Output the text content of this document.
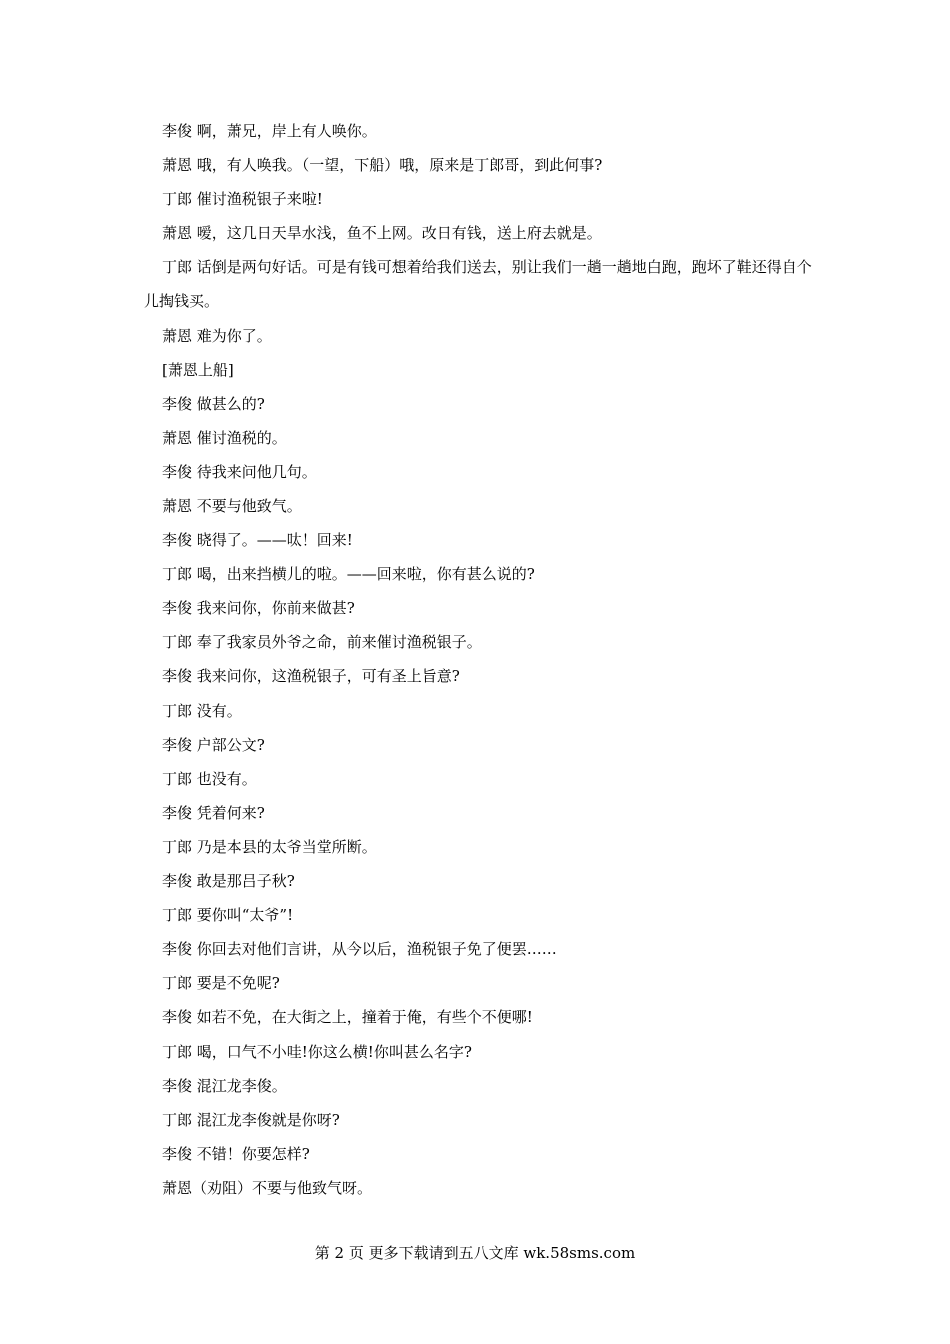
李俊 啊，萧兄，岸上有人唤你。
萧恩 哦，有人唤我。（一望，下船）哦，原来是丁郎哥，到此何事?
丁郎 催讨渔税银子来啦!
萧恩 嗳，这几日天旱水浅，鱼不上网。改日有钱，送上府去就是。
丁郎 话倒是两句好话。可是有钱可想着给我们送去，别让我们一趟一趟地白跑，跑坏了鞋还得自个儿掏钱买。
萧恩 难为你了。
[萧恩上船]
李俊 做甚么的?
萧恩 催讨渔税的。
李俊 待我来问他几句。
萧恩 不要与他致气。
李俊 晓得了。——呔！回来!
丁郎 喝，出来挡横儿的啦。——回来啦，你有甚么说的?
李俊 我来问你，你前来做甚?
丁郎 奉了我家员外爷之命，前来催讨渔税银子。
李俊 我来问你，这渔税银子，可有圣上旨意?
丁郎 没有。
李俊 户部公文?
丁郎 也没有。
李俊 凭着何来?
丁郎 乃是本县的太爷当堂所断。
李俊 敢是那吕子秋?
丁郎 要你叫“太爷”!
李俊 你回去对他们言讲，从今以后，渔税银子免了便罢……
丁郎 要是不免呢?
李俊 如若不免，在大街之上，撞着于俺，有些个不便哪!
丁郎 喝，口气不小哇!你这么横!你叫甚么名字?
李俊 混江龙李俊。
丁郎 混江龙李俊就是你呀?
李俊 不错！你要怎样?
萧恩（劝阻）不要与他致气呀。
第 2 页 更多下载请到五八文库 wk.58sms.com
